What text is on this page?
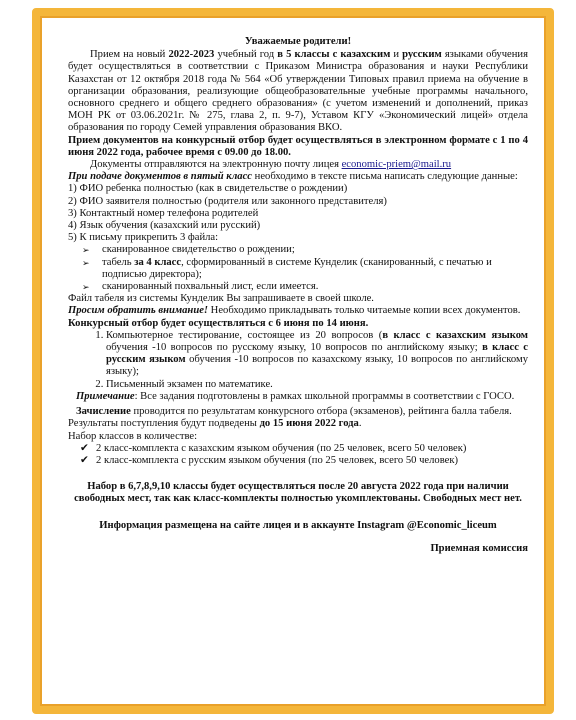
Уважаемые родители!

Прием на новый 2022-2023 учебный год в 5 классы с казахским и русским языками обучения будет осуществляться в соответствии с Приказом Министра образования и науки Республики Казахстан от 12 октября 2018 года № 564 «Об утверждении Типовых правил приема на обучение в организации образования, реализующие общеобразовательные учебные программы начального, основного среднего и общего среднего образования» (с учетом изменений и дополнений, приказ МОН РК от 03.06.2021г. № 275, глава 2, п. 9-7), Уставом КГУ «Экономический лицей» отдела образования по городу Семей управления образования ВКО.

Прием документов на конкурсный отбор будет осуществляться в электронном формате с 1 по 4 июня 2022 года, рабочее время с 09.00 до 18.00.

Документы отправляются на электронную почту лицея economic-priem@mail.ru

При подаче документов в пятый класс необходимо в тексте письма написать следующие данные:

1) ФИО ребенка полностью (как в свидетельстве о рождении)

2) ФИО заявителя полностью (родителя или законного представителя)

3) Контактный номер телефона родителей

4) Язык обучения (казахский или русский)

5) К письму прикрепить 3 файла:

➢ сканированное свидетельство о рождении;
➢ табель за 4 класс, сформированный в системе Кунделик (сканированный, с печатью и подписью директора);
➢ сканированный похвальный лист, если имеется.

Файл табеля из системы Кунделик Вы запрашиваете в своей школе.

Просим обратить внимание! Необходимо прикладывать только читаемые копии всех документов.

Конкурсный отбор будет осуществляться с 6 июня по 14 июня.

1. Компьютерное тестирование, состоящее из 20 вопросов (в класс с казахским языком обучения -10 вопросов по русскому языку, 10 вопросов по английскому языку; в класс с русским языком обучения -10 вопросов по казахскому языку, 10 вопросов по английскому языку);
2. Письменный экзамен по математике.

Примечание: Все задания подготовлены в рамках школьной программы в соответствии с ГОСО.

Зачисление проводится по результатам конкурсного отбора (экзаменов), рейтинга балла табеля.

Результаты поступления будут подведены до 15 июня 2022 года.

Набор классов в количестве:

✔ 2 класс-комплекта с казахским языком обучения (по 25 человек, всего 50 человек)
✔ 2 класс-комплекта с русским языком обучения (по 25 человек, всего 50 человек)

Набор в 6,7,8,9,10 классы будет осуществляться после 20 августа 2022 года при наличии свободных мест, так как класс-комплекты полностью укомплектованы. Свободных мест нет.

Информация размещена на сайте лицея и в аккаунте Instagram @Economic_liceum

Приемная комиссия
